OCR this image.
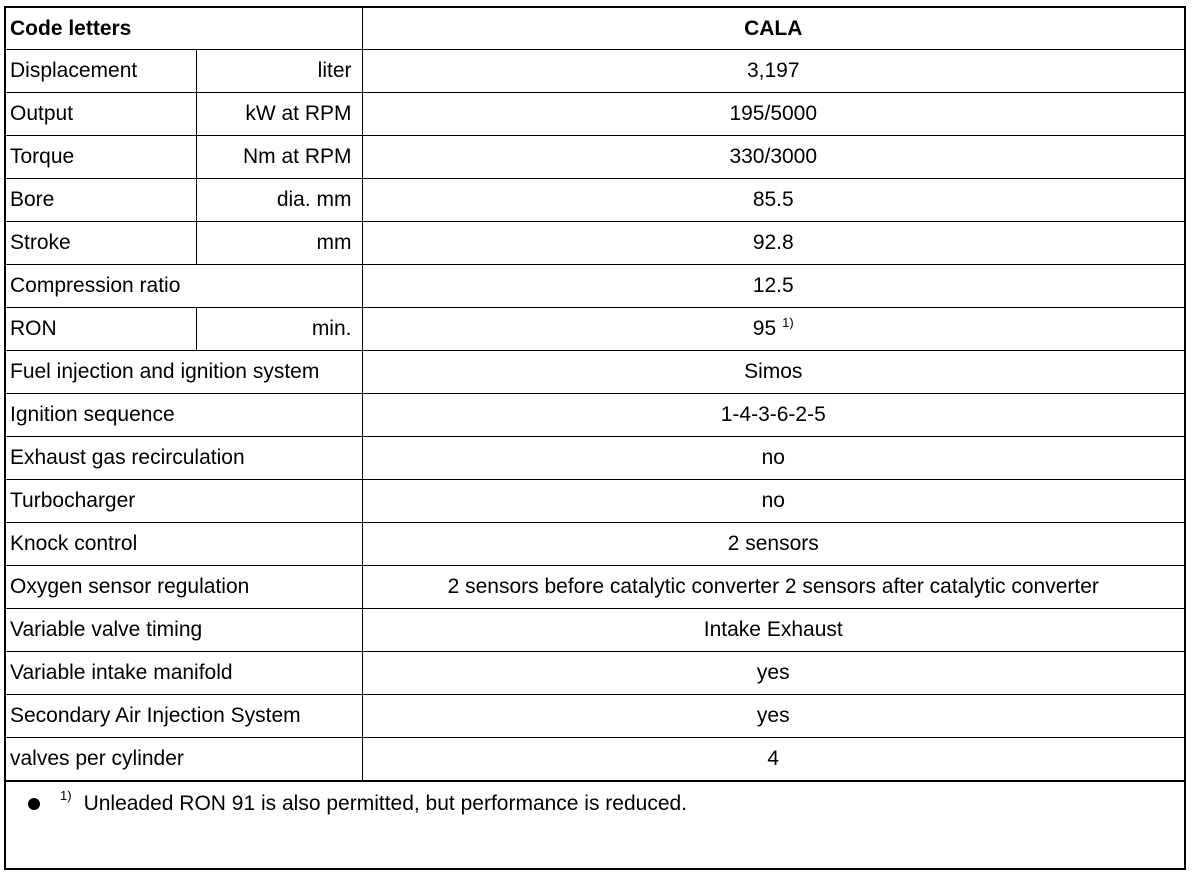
Code letters		CALA
Displacement	liter	3,197
Output	kW at RPM	195/5000
Torque	Nm at RPM	330/3000
Bore	dia. mm	85.5
Stroke	mm	92.8
Compression ratio		12.5
RON	min.	95 $^{1)}$
Fuel injection and ignition system		Simos
Ignition sequence		1-4-3-6-2-5
Exhaust gas recirculation		no
Turbocharger		no
Knock control		2 sensors
Oxygen sensor regulation		2 sensors before catalytic converter 2 sensors after catalytic converter
Variable valve timing		Intake Exhaust
Variable intake manifold		yes
Secondary Air Injection System		yes
valves per cylinder		4
1) Unleaded RON 91 is also permitted, but performance is reduced.
